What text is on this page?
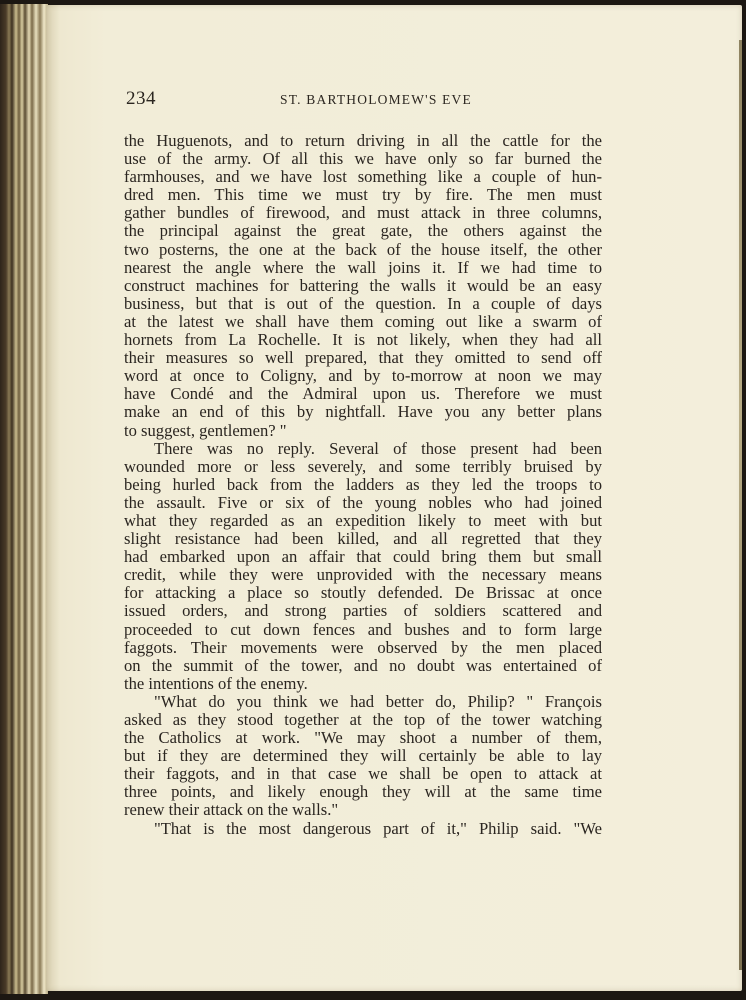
234	ST. BARTHOLOMEW'S EVE
the Huguenots, and to return driving in all the cattle for the
use of the army. Of all this we have only so far burned the
farmhouses, and we have lost something like a couple of hun-
dred men. This time we must try by fire. The men must
gather bundles of firewood, and must attack in three columns,
the principal against the great gate, the others against the
two posterns, the one at the back of the house itself, the other
nearest the angle where the wall joins it. If we had time to
construct machines for battering the walls it would be an easy
business, but that is out of the question. In a couple of days
at the latest we shall have them coming out like a swarm of
hornets from La Rochelle. It is not likely, when they had all
their measures so well prepared, that they omitted to send off
word at once to Coligny, and by to-morrow at noon we may
have Condé and the Admiral upon us. Therefore we must
make an end of this by nightfall. Have you any better plans
to suggest, gentlemen? "
There was no reply. Several of those present had been
wounded more or less severely, and some terribly bruised by
being hurled back from the ladders as they led the troops to
the assault. Five or six of the young nobles who had joined
what they regarded as an expedition likely to meet with but
slight resistance had been killed, and all regretted that they
had embarked upon an affair that could bring them but small
credit, while they were unprovided with the necessary means
for attacking a place so stoutly defended. De Brissac at once
issued orders, and strong parties of soldiers scattered and
proceeded to cut down fences and bushes and to form large
faggots. Their movements were observed by the men placed
on the summit of the tower, and no doubt was entertained of
the intentions of the enemy.
"What do you think we had better do, Philip? " François
asked as they stood together at the top of the tower watching
the Catholics at work. "We may shoot a number of them,
but if they are determined they will certainly be able to lay
their faggots, and in that case we shall be open to attack at
three points, and likely enough they will at the same time
renew their attack on the walls."
"That is the most dangerous part of it," Philip said. "We
